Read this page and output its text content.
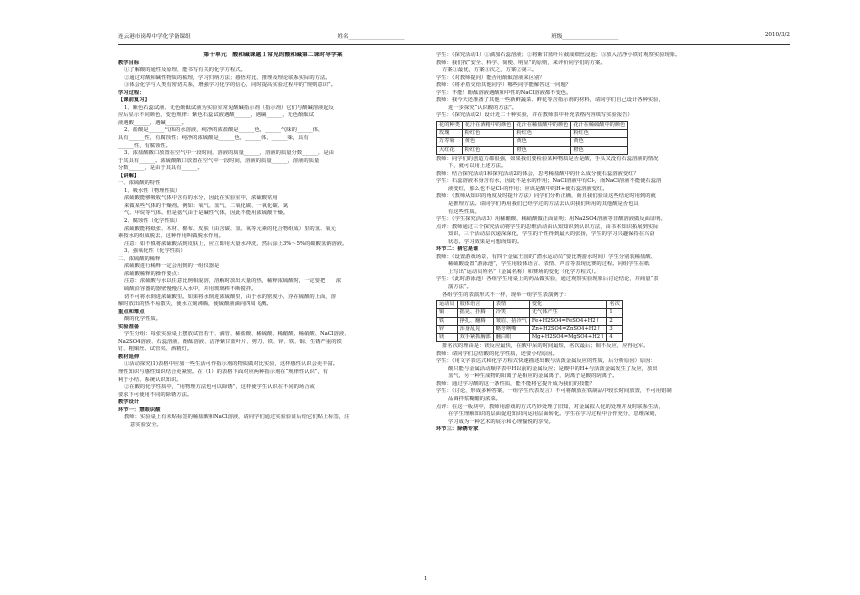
连云港市岗埠中学化学备课组	姓名____________________	班级____________________	2010/3/2
第十单元　酸和碱课题１常见的酸和碱第二课时导学案
教学目标
①了解酸的通性及原理，能书写有关的化学方程式。
②通过对酸和碱性物质的梳理，学习归纳方法；感悟对比、推理及理论联系实际的方法。
③体会化学与人类有密切关系，增强学习化学的信心，同时提高实验过程中的“规则意识”。
学习过程：
【课前复习】
1、紫色石蕊试液、无色酚酞试液为实验室常见酸碱指示剂（指示剂）它们与酸碱溶液起反
应后显示不同颜色，变色规律：紫色石蕊试液遇酸______，遇碱______，无色酚酞试
液遇酸______，遇碱______。
2、盐酸是______气体的水溶液，纯净的浓盐酸是______色，______气味的______体，
具有______性，有腐蚀性；纯净的浓硫酸是______色，______体，______味，具有
______性，有腐蚀性。
3、浓盐酸敞口放置在空气中一段时间，溶液的质量______，溶液的质量分数______，是由
于其具有______。浓硫酸敞口放置在空气中一段时间，溶液的质量______，溶液的质量
分数______，是由于其具有______。
【讲解】
一、浓硫酸的特性
1、吸水性（物理性质）
浓硫酸能够吸收气体中含有的水分，因此在实验室中，浓硫酸常用
来做某些气体的干燥剂。例如：氧气、氢气、二氧化碳、一氧化碳、氮
气、甲烷等气体。但是氨气由于是碱性气体，因此不能用浓硫酸干燥。
2、腐蚀性（化学性质）
浓硫酸能将纸张、木材、棉布、皮肤（由含碳、氢、氧等元素的化合物组成）里的氢、氧元
素按水的组成脱去，这种作用叫做脱水作用。
注意：如不慎将浓硫酸沾到皮肤上，应立即用大量水冲洗，然后涂上3%～5%的碳酸氢钠溶液。
3、强氧化性（化学性质）
二、浓硫酸的稀释
浓硫酸进行稀释一定会用到的一组仪器是
浓硫酸稀释的操作要点：
注意：浓硫酸与水以任意比例相混溶，溶解时放出大量的热，稀释浓硫酸时，一定要把　　浓
硫酸沿容器的器壁慢慢注入水中，并用玻璃棒不断搅拌。
切不可将水倒进浓硫酸里。如果将水倒进浓硫酸里，由于水的密度小，浮在硫酸的上面，溶
解时放出的热不易散失，使水立刻沸腾，使硫酸液滴向四周飞溅。
重点和难点
酸的化学性质。
实验准备
学生分组：每张实验桌上摆放试管若干、滴管、稀盐酸、稀硫酸、稀醋酸、稀硝酸、NaCl溶液、
Na2SO4溶液、石蕊溶液、酚酞溶液、洁净紫甘蓝叶片、剪刀、铁、锌、铁、铜、生锈严重的铁
钉、粗铜丝、试管夹、酒精灯。
教材延伸
①活动探究(1)表格中应加一些生活可作指示剂的物质做对比实验，这样感性认识会更丰富。
理性知识与感性知识结合更紧密。在（1）的表格下面对应两种指示剂在“规律性认识”，有
利于小结、系统认识知识。
②在酸的化学性质中，“用物理方法也可以除锈”，这样使学生认识在不同的场合或
要求下可使用不同的除锈方法。
教学设计
环节一：慧眼识酸
教师：实验桌上有未贴标签的稀盐酸和NaCl溶液，请同学们通过实验验证后给它们贴上标签，注
意实验安全。
学生：（探究活动1）①滴加石蕊溶液；②将紫甘蓝叶片截成细丝浸泡；③放入洁净小铁钉观察实验现象。
教师：我们按“安全、科学、简便、明显”的原则，来评价同学们的方案。
方案①最优，方案③次之，方案②第三。
学生：（对教师提问）能否用酚酞溶液来区别？
教师：（将矛盾交给其他同学）哪些同学能解答这一问题？
学生：不能！酚酞溶液遇酸和中性的NaCl溶液都不变色。
教师：我今天还准备了其他一些新鲜蔬菜、鲜花等含指示剂的材料，请同学们自己设计各种实验，
进一步探究“认识酸的方法”。
学生：（探究活动2）设计近二十种实验，并在教师表中补充表格内容填写实验报告）
花的种类	花汁在酒精中的颜色	花汁在稀盐酸中的颜色	花汁在稀硫酸中的颜色
玫瑰	粉红色	粉红色	粉红色
万寿菊	黄色	黄色	黄色
大红花	粉红色	橙色	橙色
教师：同学们的创造力都很强，如果我们要检验某种物质是否是酸，手头又没有石蕊溶液的情况
下，就可以用上述方法。
教师：结合探究活动1和探究活动2的体会，思考稀盐酸中的什么成分使石蕊溶液变红？
学生：石蕊溶液本身含有水，因此不是水的作用；NaCl溶液中有Cl-，而NaCl溶液不能使石蕊溶
液变红，那么也不是Cl-的作用；应该是酸中的H+使石蕊溶液变红。
教师：（教师从知识的角度及时提升方法）同学们分析正确，而且我们验证这些结论时用到的就
是推理方法。请同学们再用我们已经学过的方法去认识我们所用的其他酸是否也具
有这些性质。
学生：（学生探究活动3）用稀醋酸、稀硝酸做正面证明；用Na2SO4溶液等非酸溶液做反面证明。
点评：教师通过三个探究活动将学生的思维活动由认知知识到认识方法，由书本知识拓展到实际
知识，三个活动层次递深深化，学生的个性得到最大的张扬，学生的学习兴趣保持在兴奋
状态，学习效果是可想而知的。
环节二：猜它是谁
教师：（设置游戏场景，有四个金属王国的“潜水运动员”要比赛游水时间）学生分别装稀盐酸、
稀硫酸设置“游泳池”，学生用肢体语言、表情、声音等表现比赛的过程。同组学生在纸
上写出“运动员姓名”（金属名称）和赛场的变化（化学方程式）。
学生：（此时游泳池）各组学生用桌上的药品做实验，通过观察实验现象后讨论结论，并商量“表
演方法”。
各组学生的表演形式不一样，现举一组学生表演例子：
运动员	肢体语言	表情	变化	名次
铜	摇晃、扑腾	冷笑	无气体产生	1
铁	挣扎、翻腾	皱眉、捂冷气	Fe+H2SO4=FeSO4+H2↑	2
锌	浑身乱晃	略牙咧嘴	Zn+H2SO4=ZnSO4+H2↑	3
镁	双手紧抓胸部	翻白眼	Mg+H2SO4=MgSO4+H2↑	4
排名次的理由是：镁反应最快，在酸中呆的时间最短，名次最后；铜不反应，应得冠军。
教师：请同学们总结酸的化学性质，还要小结原因。
学生：（用文字表达式和化学方程式快速描述出酸与活泼金属反应的性质，后分析原因）原因：
酸只能与金属活动顺序表中H以前的金属反应；是酸中的H+与活泼金属发生了反应，放出
氢气，另一种生成物的阳离子是相应的金属离子，阴离子是酸的阴离子。
教师：通过学习酸的这一条性质，能不能将它提升成为我们的技能？
学生：（讨论，形成多种答案，一组学生代表发言）不可将酸放在铁制品中较长时间放置，不可用铝制
品调拌浆糊醋的浓菜。
点评：在这一板块中，教师用游戏的方式巧妙处理了旧知，对金属拟人化的处理并及时联系生活，
在学生理解知识的层面促进知识向运用层面转化。学生在学习过程中合作充分，思维深刻，
学习成为一种艺术的展示和心理愉悦的享受。
环节三：除锈专家
1
